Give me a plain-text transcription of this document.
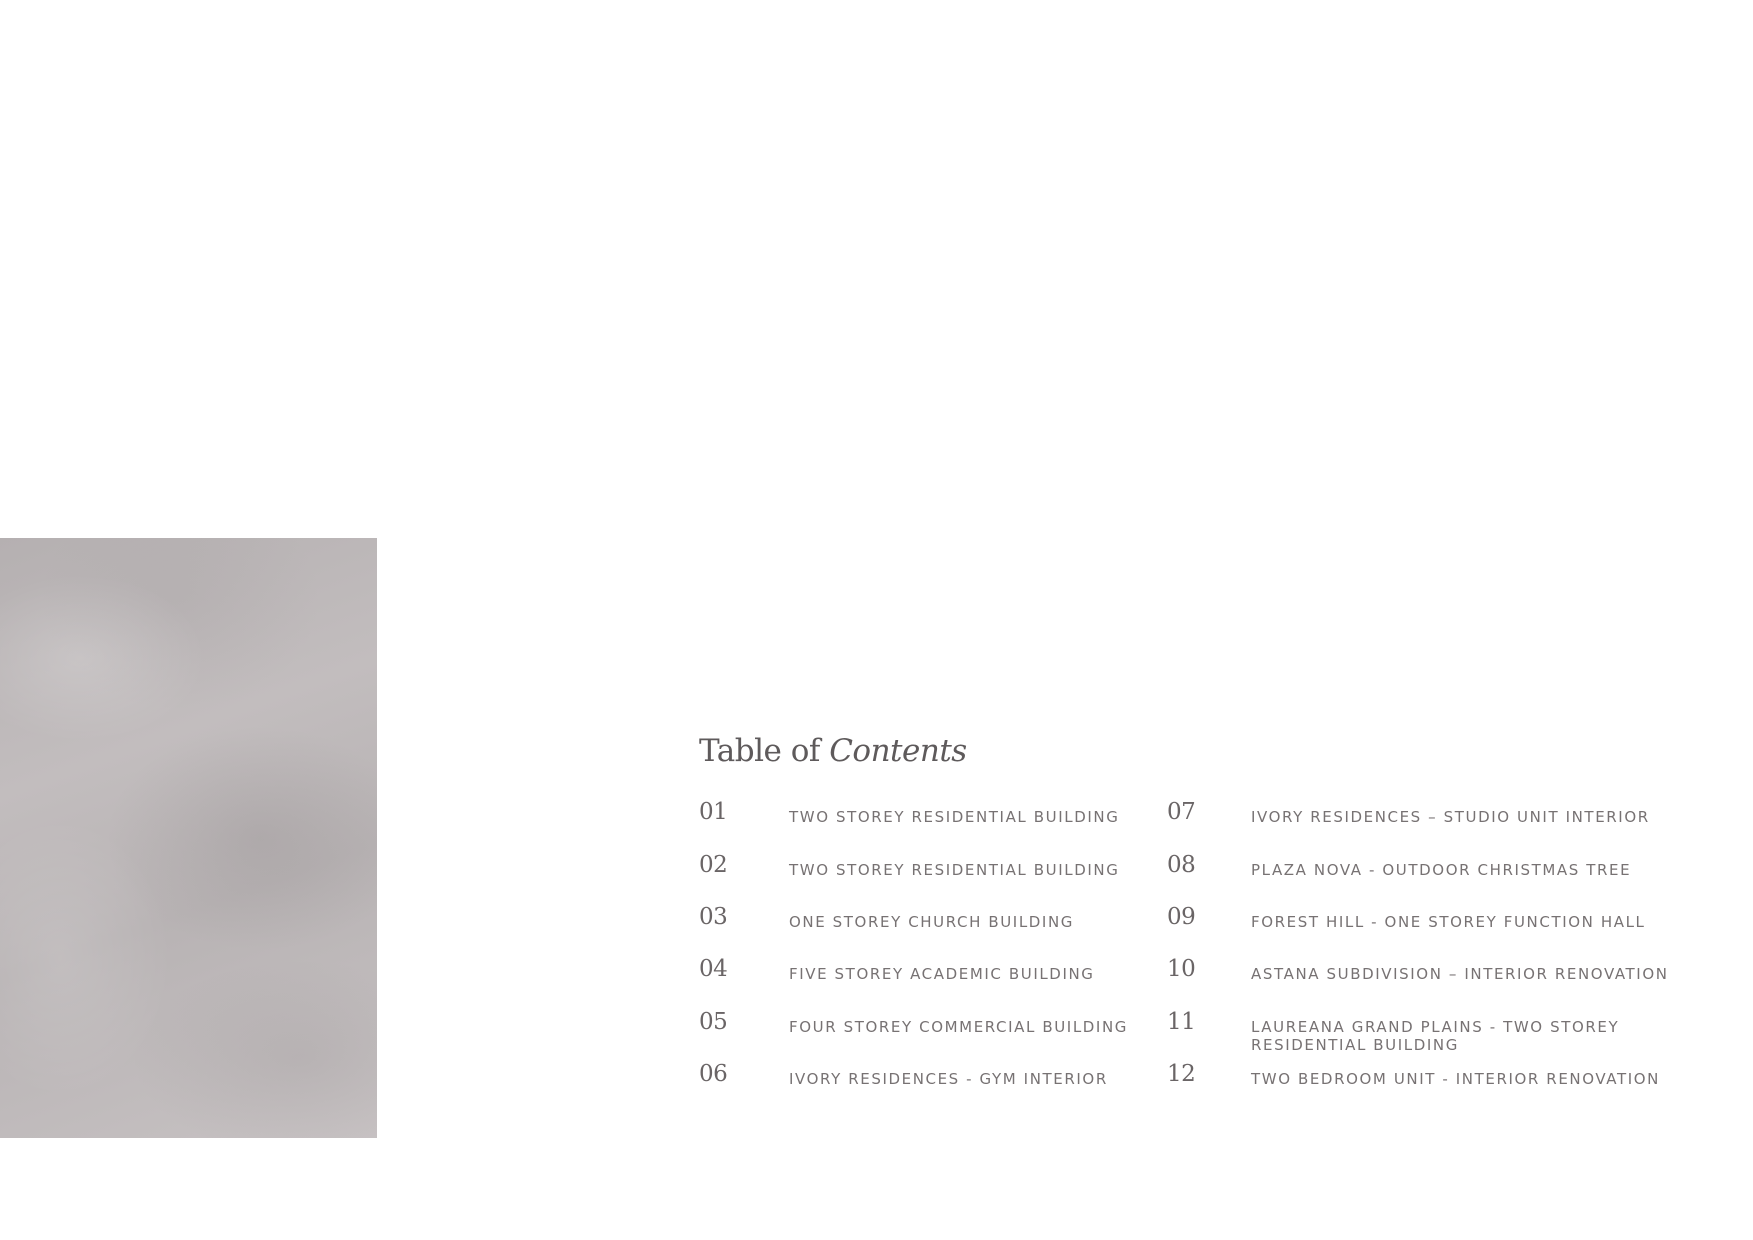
Table of Contents
01	TWO STOREY RESIDENTIAL BUILDING
02	TWO STOREY RESIDENTIAL BUILDING
03	ONE STOREY CHURCH BUILDING
04	FIVE STOREY ACADEMIC BUILDING
05	FOUR STOREY COMMERCIAL BUILDING
06	IVORY RESIDENCES - GYM INTERIOR
07	IVORY RESIDENCES – STUDIO UNIT INTERIOR
08	PLAZA NOVA - OUTDOOR CHRISTMAS TREE
09	FOREST HILL - ONE STOREY FUNCTION HALL
10	ASTANA SUBDIVISION – INTERIOR RENOVATION
11	LAUREANA GRAND PLAINS - TWO STOREY RESIDENTIAL BUILDING
12	TWO BEDROOM UNIT - INTERIOR RENOVATION
